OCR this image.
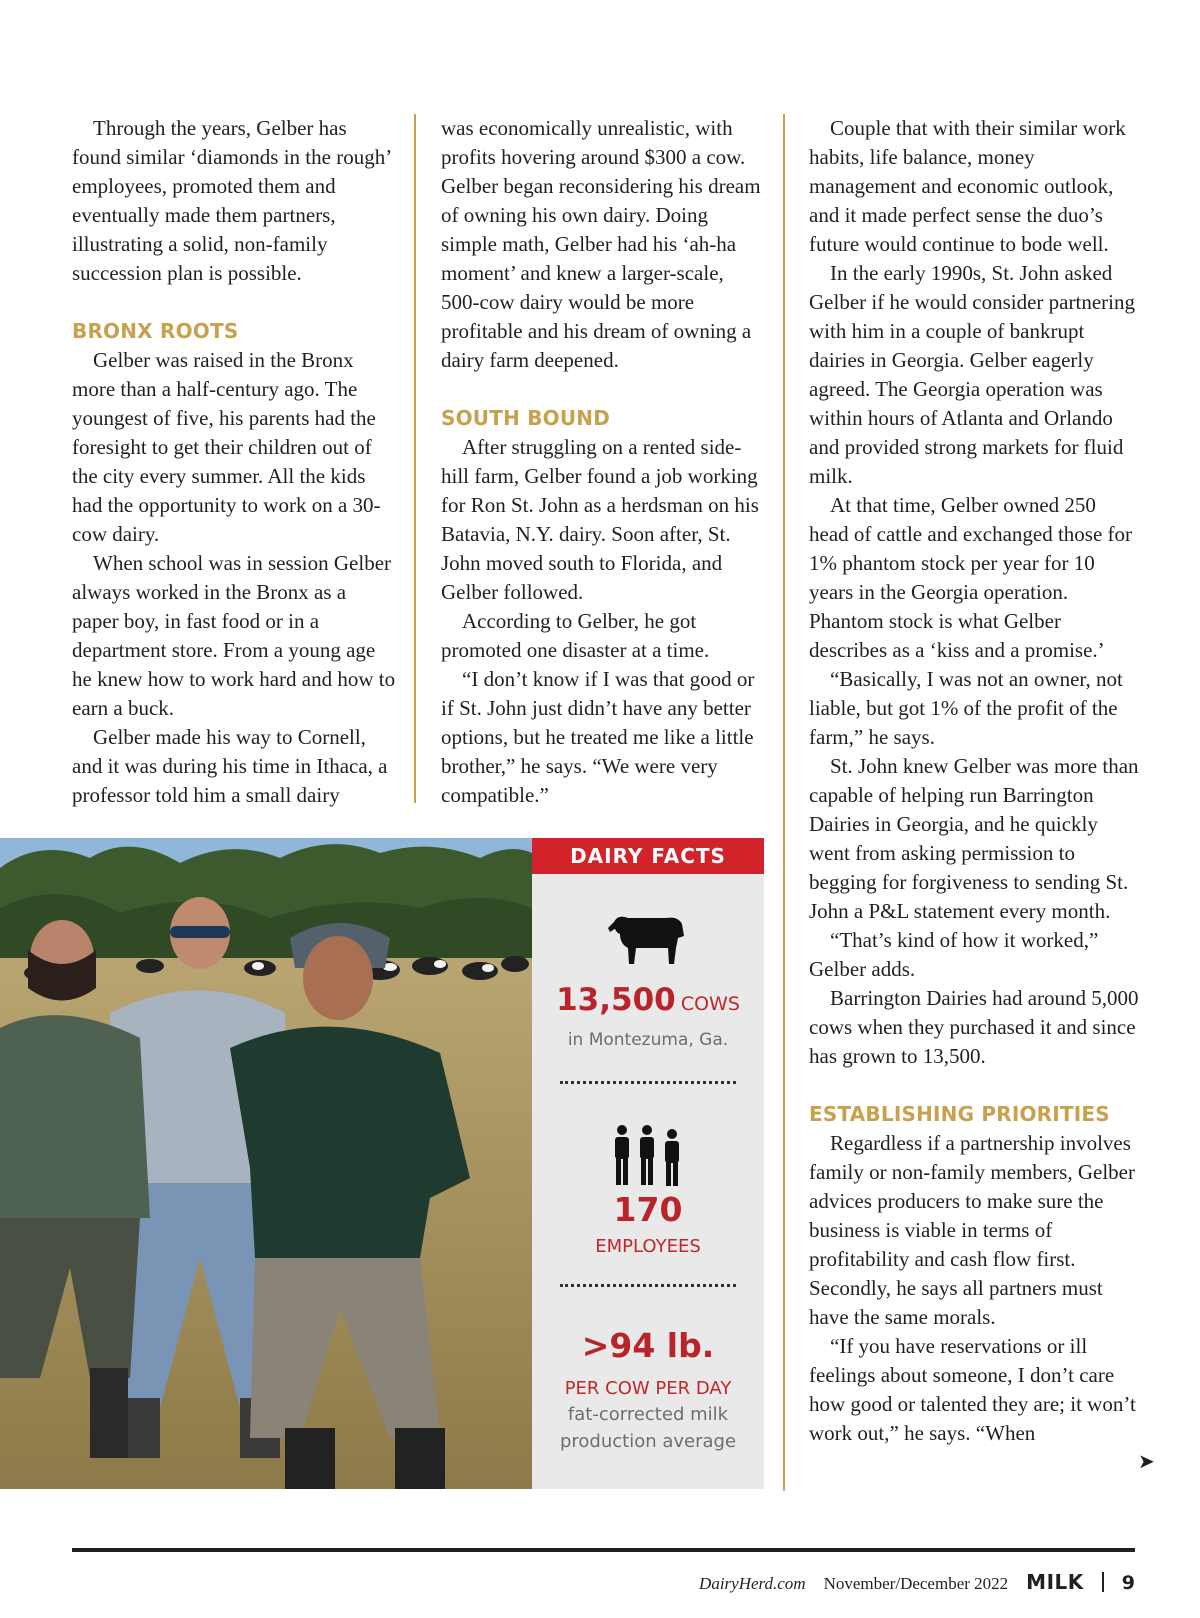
Through the years, Gelber has found similar ‘diamonds in the rough’ employees, promoted them and eventually made them partners, illustrating a solid, non-family succession plan is possible.

BRONX ROOTS

Gelber was raised in the Bronx more than a half-century ago. The youngest of five, his parents had the foresight to get their children out of the city every summer. All the kids had the opportunity to work on a 30-cow dairy.

When school was in session Gelber always worked in the Bronx as a paper boy, in fast food or in a department store. From a young age he knew how to work hard and how to earn a buck.

Gelber made his way to Cornell, and it was during his time in Ithaca, a professor told him a small dairy

was economically unrealistic, with profits hovering around $300 a cow. Gelber began reconsidering his dream of owning his own dairy. Doing simple math, Gelber had his ‘ah-ha moment’ and knew a larger-scale, 500-cow dairy would be more profitable and his dream of owning a dairy farm deepened.

SOUTH BOUND

After struggling on a rented side-hill farm, Gelber found a job working for Ron St. John as a herdsman on his Batavia, N.Y. dairy. Soon after, St. John moved south to Florida, and Gelber followed.

According to Gelber, he got promoted one disaster at a time.

“I don’t know if I was that good or if St. John just didn’t have any better options, but he treated me like a little brother,” he says. “We were very compatible.”

Couple that with their similar work habits, life balance, money management and economic outlook, and it made perfect sense the duo’s future would continue to bode well.

In the early 1990s, St. John asked Gelber if he would consider partnering with him in a couple of bankrupt dairies in Georgia. Gelber eagerly agreed. The Georgia operation was within hours of Atlanta and Orlando and provided strong markets for fluid milk.

At that time, Gelber owned 250 head of cattle and exchanged those for 1% phantom stock per year for 10 years in the Georgia operation. Phantom stock is what Gelber describes as a ‘kiss and a promise.’

“Basically, I was not an owner, not liable, but got 1% of the profit of the farm,” he says.

St. John knew Gelber was more than capable of helping run Barrington Dairies in Georgia, and he quickly went from asking permission to begging for forgiveness to sending St. John a P&L statement every month.

“That’s kind of how it worked,” Gelber adds.

Barrington Dairies had around 5,000 cows when they purchased it and since has grown to 13,500.

ESTABLISHING PRIORITIES

Regardless if a partnership involves family or non-family members, Gelber advices producers to make sure the business is viable in terms of profitability and cash flow first. Secondly, he says all partners must have the same morals.

“If you have reservations or ill feelings about someone, I don’t care how good or talented they are; it won’t work out,” he says. “When

➤
DAIRY FACTS
13,500 COWS
in Montezuma, Ga.
170
EMPLOYEES
>94 lb.
PER COW PER DAY
fat-corrected milk
production average
DairyHerd.com November/December 2022 MILK 9
